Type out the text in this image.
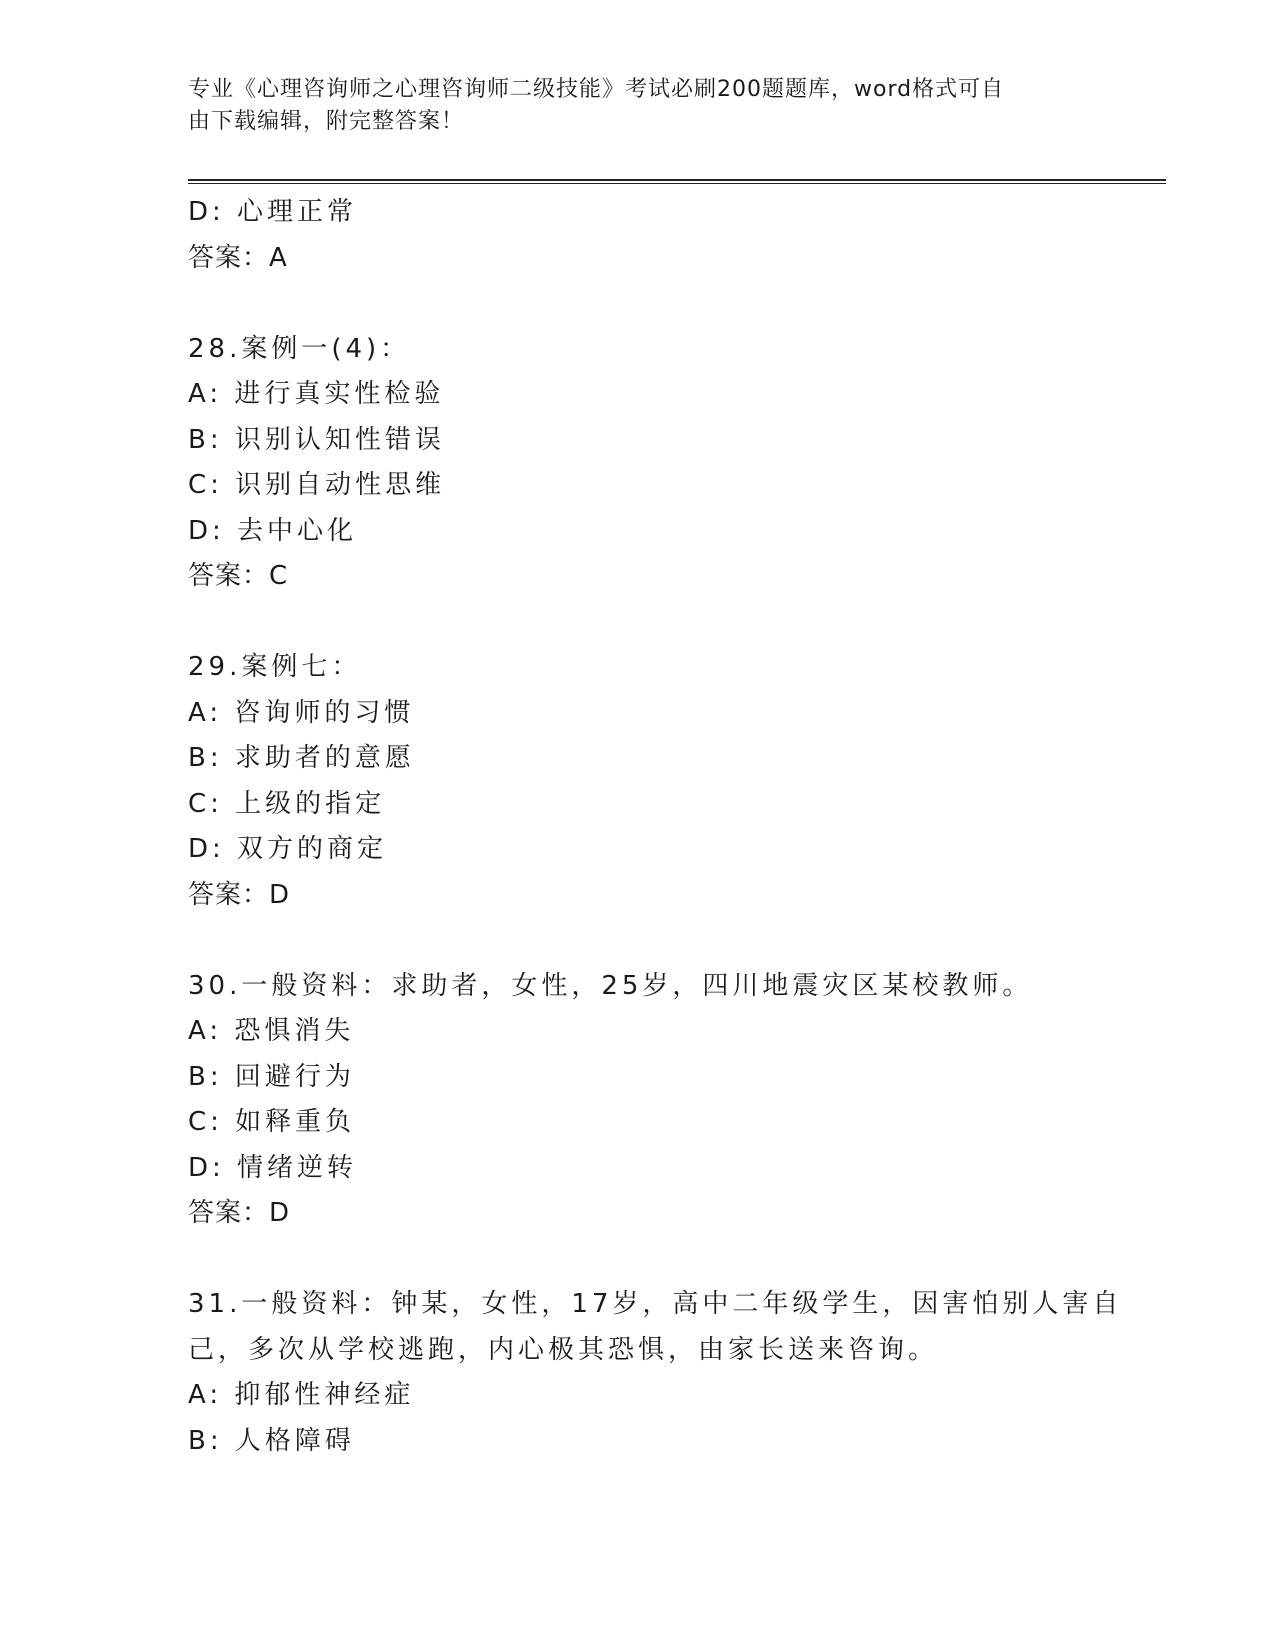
专业《心理咨询师之心理咨询师二级技能》考试必刷200题题库，word格式可自
由下载编辑，附完整答案！
D: 心理正常
答案：A
28.案例一(4)：
A: 进行真实性检验
B: 识别认知性错误
C: 识别自动性思维
D: 去中心化
答案：C
29.案例七：
A: 咨询师的习惯
B: 求助者的意愿
C: 上级的指定
D: 双方的商定
答案：D
30.一般资料：求助者，女性，25岁，四川地震灾区某校教师。
A: 恐惧消失
B: 回避行为
C: 如释重负
D: 情绪逆转
答案：D
31.一般资料：钟某，女性，17岁，高中二年级学生，因害怕别人害自
己，多次从学校逃跑，内心极其恐惧，由家长送来咨询。
A: 抑郁性神经症
B: 人格障碍
